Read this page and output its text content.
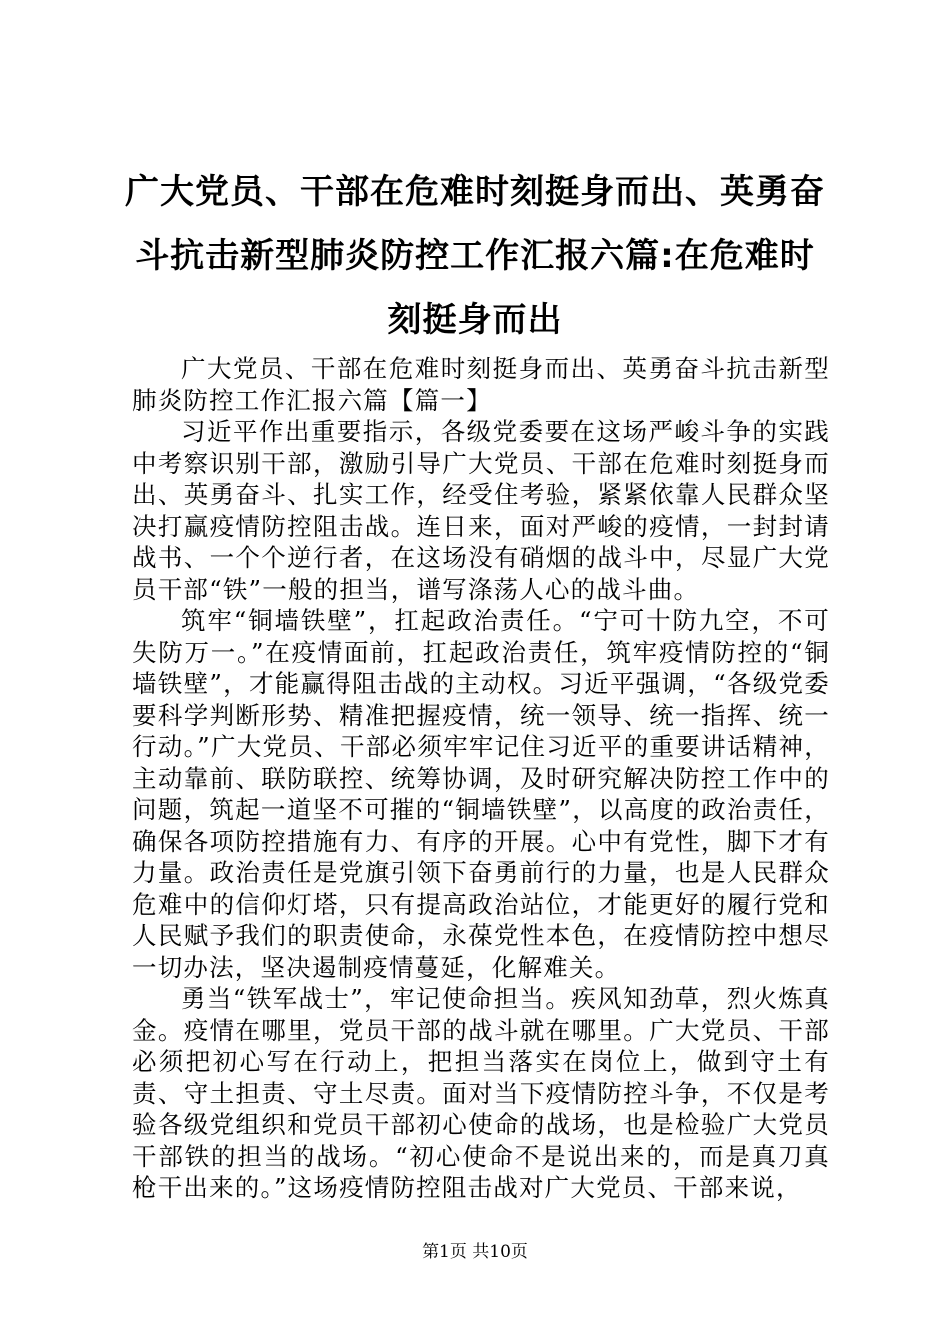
广大党员、干部在危难时刻挺身而出、英勇奋斗抗击新型肺炎防控工作汇报六篇:在危难时刻挺身而出

广大党员、干部在危难时刻挺身而出、英勇奋斗抗击新型肺炎防控工作汇报六篇【篇一】

习近平作出重要指示，各级党委要在这场严峻斗争的实践中考察识别干部，激励引导广大党员、干部在危难时刻挺身而出、英勇奋斗、扎实工作，经受住考验，紧紧依靠人民群众坚决打赢疫情防控阻击战。连日来，面对严峻的疫情，一封封请战书、一个个逆行者，在这场没有硝烟的战斗中，尽显广大党员干部“铁”一般的担当，谱写涤荡人心的战斗曲。

筑牢“铜墙铁壁”，扛起政治责任。“宁可十防九空，不可失防万一。”在疫情面前，扛起政治责任，筑牢疫情防控的“铜墙铁壁”，才能赢得阻击战的主动权。习近平强调，“各级党委要科学判断形势、精准把握疫情，统一领导、统一指挥、统一行动。”广大党员、干部必须牢牢记住习近平的重要讲话精神，主动靠前、联防联控、统筹协调，及时研究解决防控工作中的问题，筑起一道坚不可摧的“铜墙铁壁”，以高度的政治责任，确保各项防控措施有力、有序的开展。心中有党性，脚下才有力量。政治责任是党旗引领下奋勇前行的力量，也是人民群众危难中的信仰灯塔，只有提高政治站位，才能更好的履行党和人民赋予我们的职责使命，永葆党性本色，在疫情防控中想尽一切办法，坚决遏制疫情蔓延，化解难关。

勇当“铁军战士”，牢记使命担当。疾风知劲草，烈火炼真金。疫情在哪里，党员干部的战斗就在哪里。广大党员、干部必须把初心写在行动上，把担当落实在岗位上，做到守土有责、守土担责、守土尽责。面对当下疫情防控斗争，不仅是考验各级党组织和党员干部初心使命的战场，也是检验广大党员干部铁的担当的战场。“初心使命不是说出来的，而是真刀真枪干出来的。”这场疫情防控阻击战对广大党员、干部来说，

第1页 共10页
